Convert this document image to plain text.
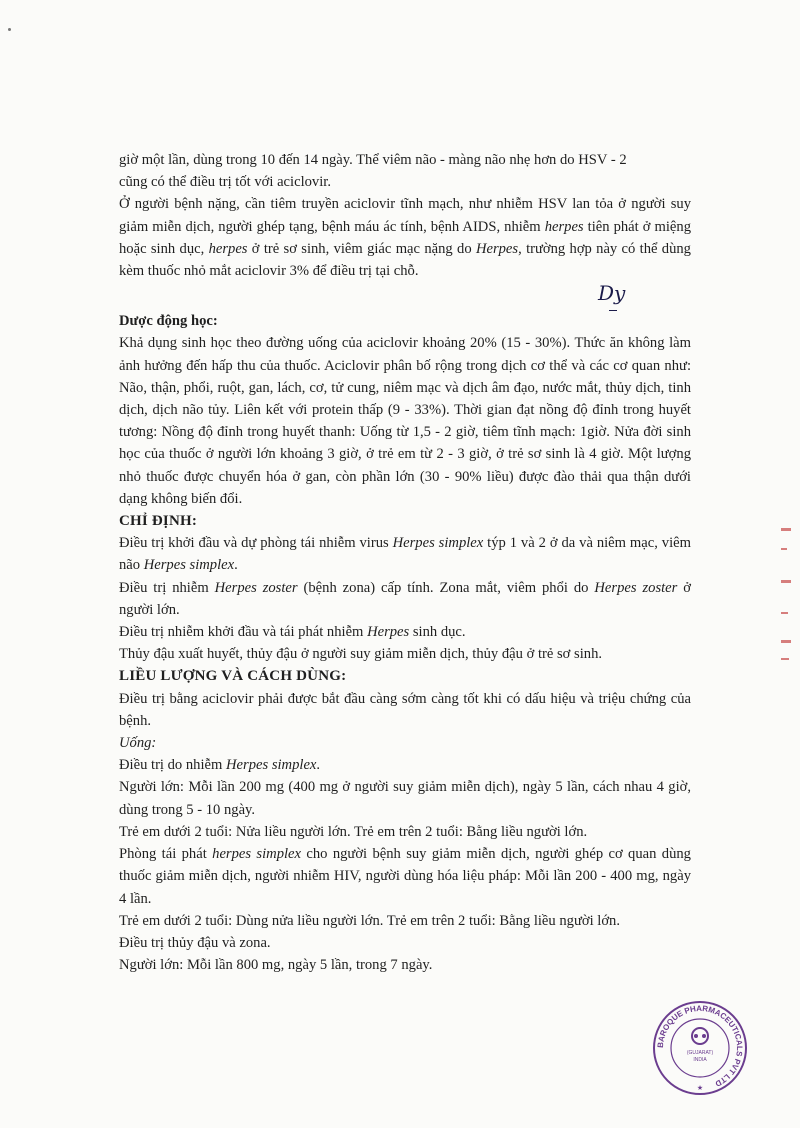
giờ một lần, dùng trong 10 đến 14 ngày. Thể viêm não - màng não nhẹ hơn do HSV - 2
cũng có thể điều trị tốt với aciclovir.

Ở người bệnh nặng, cần tiêm truyền aciclovir tĩnh mạch, như nhiễm HSV lan tỏa ở người suy giảm miễn dịch, người ghép tạng, bệnh máu ác tính, bệnh AIDS, nhiễm herpes tiên phát ở miệng hoặc sinh dục, herpes ở trẻ sơ sinh, viêm giác mạc nặng do Herpes, trường hợp này có thể dùng kèm thuốc nhỏ mắt aciclovir 3% để điều trị tại chỗ.

Dược động học:

Khả dụng sinh học theo đường uống của aciclovir khoảng 20% (15 - 30%). Thức ăn không làm ảnh hưởng đến hấp thu của thuốc. Aciclovir phân bố rộng trong dịch cơ thể và các cơ quan như: Não, thận, phổi, ruột, gan, lách, cơ, tử cung, niêm mạc và dịch âm đạo, nước mắt, thủy dịch, tinh dịch, dịch não tủy. Liên kết với protein thấp (9 - 33%). Thời gian đạt nồng độ đỉnh trong huyết tương: Nồng độ đỉnh trong huyết thanh: Uống từ 1,5 - 2 giờ, tiêm tĩnh mạch: 1giờ. Nửa đời sinh học của thuốc ở người lớn khoảng 3 giờ, ở trẻ em từ 2 - 3 giờ, ở trẻ sơ sinh là 4 giờ. Một lượng nhỏ thuốc được chuyển hóa ở gan, còn phần lớn (30 - 90% liều) được đào thải qua thận dưới dạng không biến đổi.

CHỈ ĐỊNH:

Điều trị khởi đầu và dự phòng tái nhiễm virus Herpes simplex týp 1 và 2 ở da và niêm mạc, viêm não Herpes simplex.

Điều trị nhiễm Herpes zoster (bệnh zona) cấp tính. Zona mắt, viêm phổi do Herpes zoster ở người lớn.

Điều trị nhiễm khởi đầu và tái phát nhiễm Herpes sinh dục.

Thủy đậu xuất huyết, thủy đậu ở người suy giảm miễn dịch, thủy đậu ở trẻ sơ sinh.

LIỀU LƯỢNG VÀ CÁCH DÙNG:

Điều trị bằng aciclovir phải được bắt đầu càng sớm càng tốt khi có dấu hiệu và triệu chứng của bệnh.

Uống:

Điều trị do nhiễm Herpes simplex.

Người lớn: Mỗi lần 200 mg (400 mg ở người suy giảm miễn dịch), ngày 5 lần, cách nhau 4 giờ, dùng trong 5 - 10 ngày.

Trẻ em dưới 2 tuổi: Nửa liều người lớn. Trẻ em trên 2 tuổi: Bằng liều người lớn.

Phòng tái phát herpes simplex cho người bệnh suy giảm miễn dịch, người ghép cơ quan dùng thuốc giảm miễn dịch, người nhiễm HIV, người dùng hóa liệu pháp: Mỗi lần 200 - 400 mg, ngày 4 lần.

Trẻ em dưới 2 tuổi: Dùng nửa liều người lớn. Trẻ em trên 2 tuổi: Bằng liều người lớn.

Điều trị thủy đậu và zona.

Người lớn: Mỗi lần 800 mg, ngày 5 lần, trong 7 ngày.

Dy
BAROQUE PHARMACEUTICALS PVT LTD
(GUJARAT)
INDIA
★
